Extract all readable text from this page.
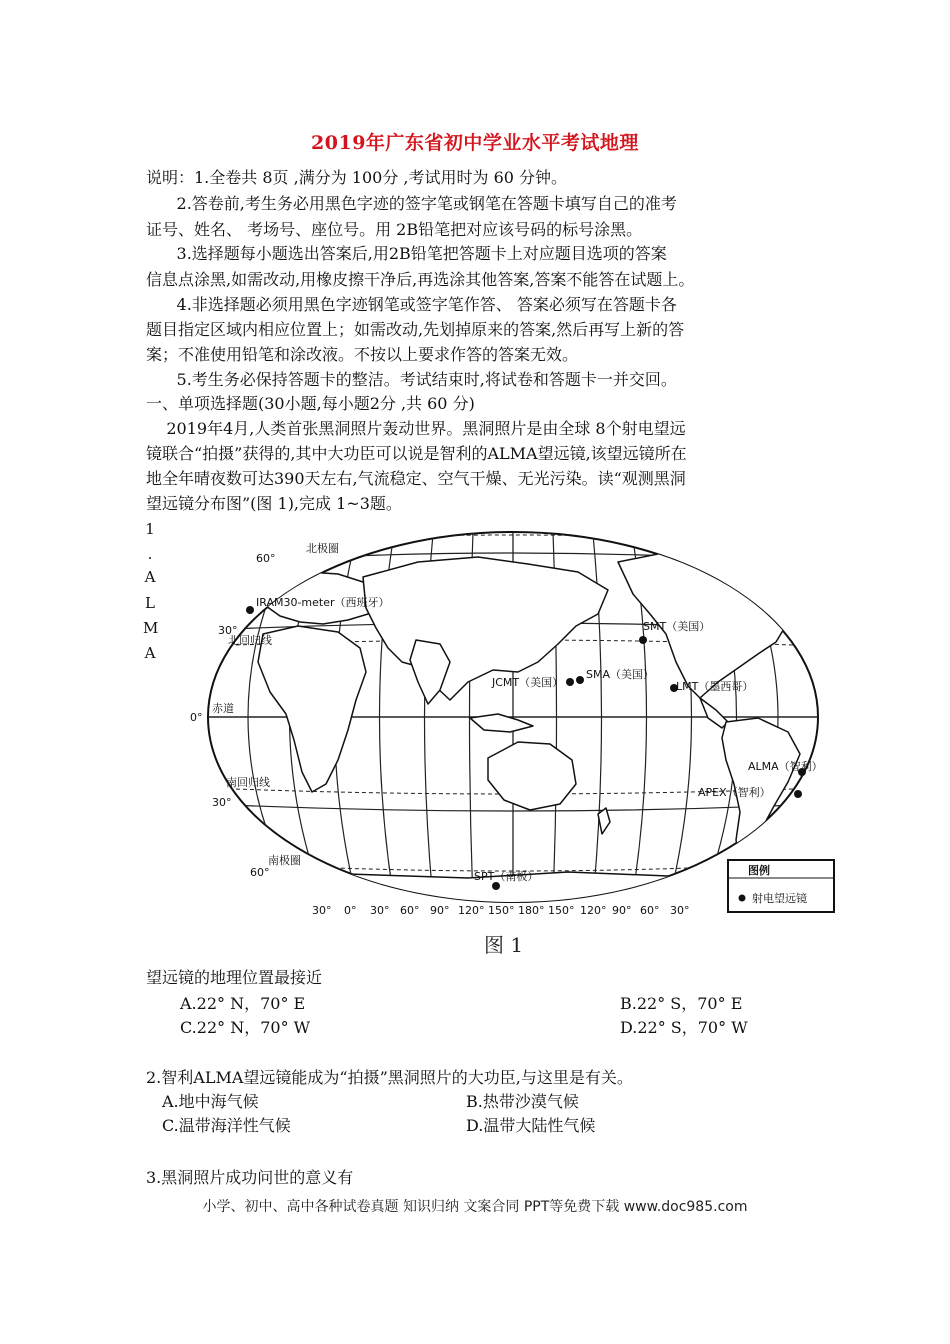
2019年广东省初中学业水平考试地理
说明：1.全卷共 8页 ,满分为 100分 ,考试用时为 60 分钟。
2.答卷前,考生务必用黑色字迹的签字笔或钢笔在答题卡填写自己的准考
证号、姓名、 考场号、座位号。用 2B铅笔把对应该号码的标号涂黑。
3.选择题每小题选出答案后,用2B铅笔把答题卡上对应题目选项的答案
信息点涂黑,如需改动,用橡皮擦干净后,再选涂其他答案,答案不能答在试题上。
4.非选择题必须用黑色字迹钢笔或签字笔作答、 答案必须写在答题卡各
题目指定区域内相应位置上；如需改动,先划掉原来的答案,然后再写上新的答
案；不准使用铅笔和涂改液。不按以上要求作答的答案无效。
5.考生务必保持答题卡的整洁。考试结束时,将试卷和答题卡一并交回。
一、单项选择题(30小题,每小题2分 ,共 60 分)
2019年4月,人类首张黑洞照片轰动世界。黑洞照片是由全球 8个射电望远
镜联合“拍摄”获得的,其中大功臣可以说是智利的ALMA望远镜,该望远镜所在
地全年晴夜数可达390天左右,气流稳定、空气干燥、无光污染。读“观测黑洞
望远镜分布图”(图 1),完成 1~3题。
1
.
A
L
M
A
60°
30°
0°
30°
60°
北极圈
北回归线
赤道
南回归线
南极圈
IRAM30-meter（西班牙）
SMT（美国）
JCMT（美国）
SMA（美国）
LMT（墨西哥）
ALMA（智利）
APEX（智利）
SPT（南极）
30° 0° 30° 60° 90° 120° 150° 180° 150° 120° 90° 60° 30°
图例
射电望远镜
图 1
望远镜的地理位置最接近
A.22° N，70° E	B.22° S，70° E
C.22° N，70° W	D.22° S，70° W
2.智利ALMA望远镜能成为“拍摄”黑洞照片的大功臣,与这里是有关。
A.地中海气候	B.热带沙漠气候
C.温带海洋性气候	D.温带大陆性气候
3.黑洞照片成功问世的意义有
小学、初中、高中各种试卷真题 知识归纳 文案合同 PPT等免费下载 www.doc985.com
